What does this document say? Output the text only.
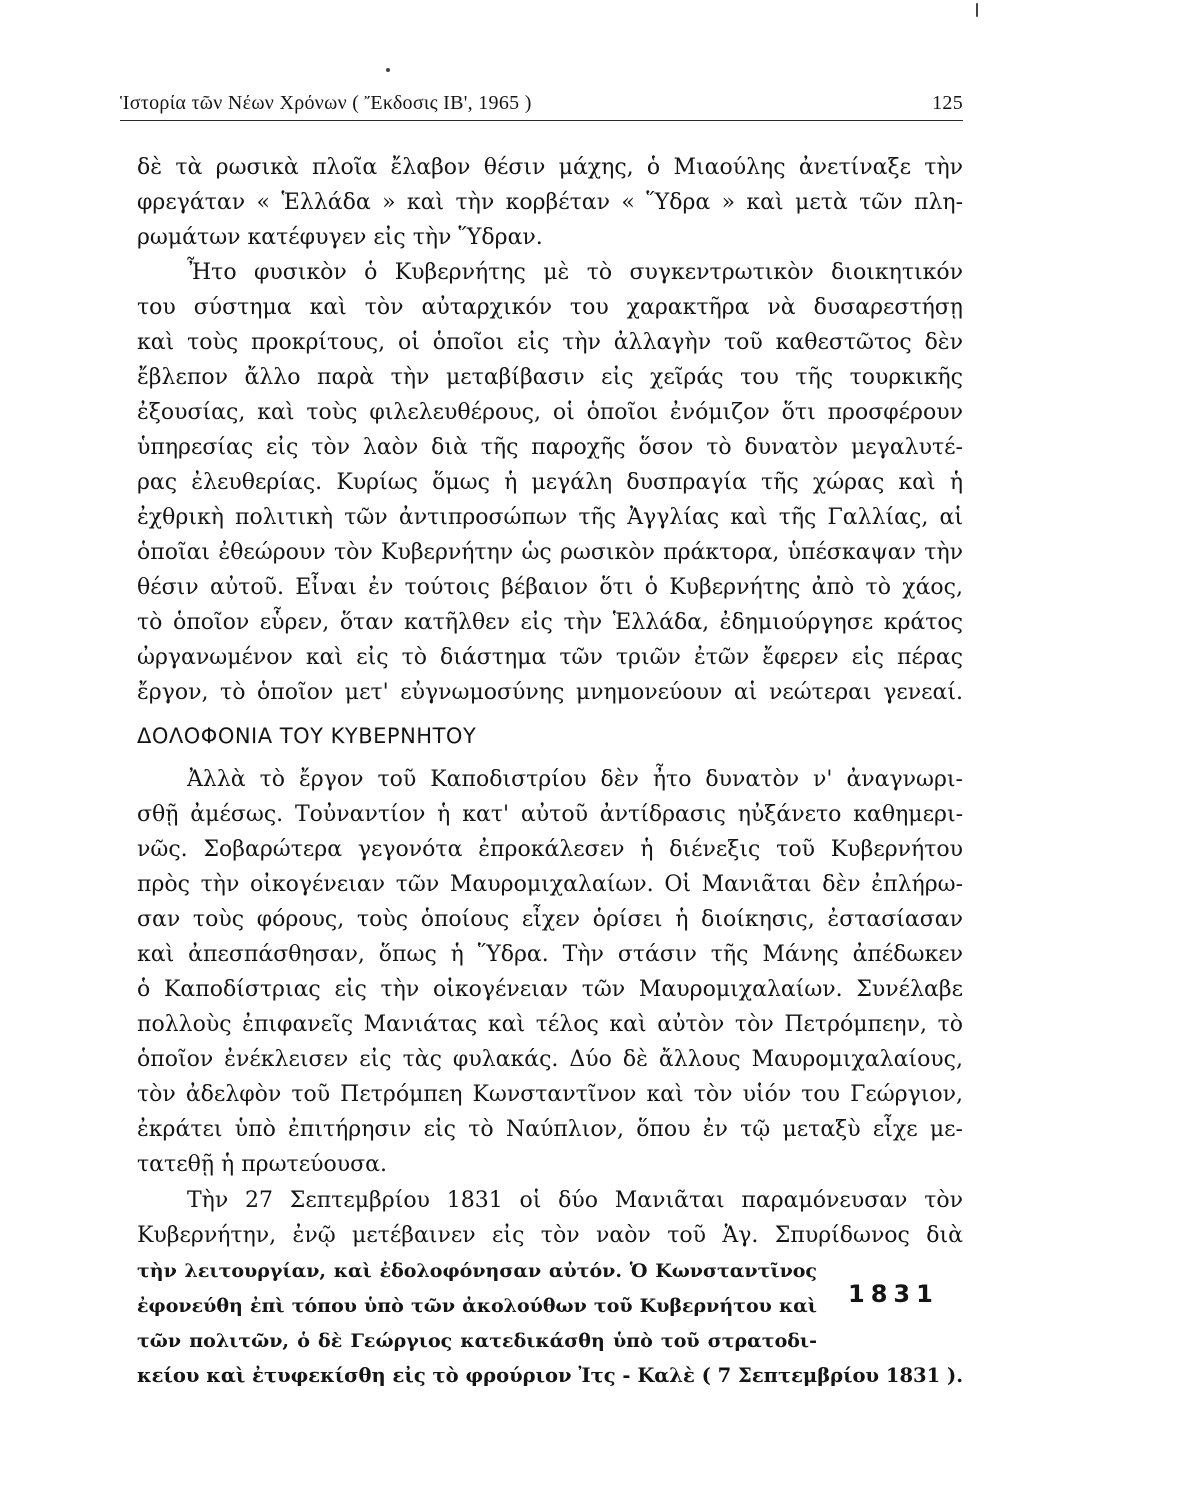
Ἱστορία τῶν Νέων Χρόνων ( Ἔκδοσις ΙΒ', 1965 )	125
δὲ τὰ ρωσικὰ πλοῖα ἔλαβον θέσιν μάχης, ὁ Μιαούλης ἀνετίναξε τὴν
φρεγάταν « Ἑλλάδα » καὶ τὴν κορβέταν « Ὕδρα » καὶ μετὰ τῶν πλη-
ρωμάτων κατέφυγεν εἰς τὴν Ὕδραν.
Ἦτο φυσικὸν ὁ Κυβερνήτης μὲ τὸ συγκεντρωτικὸν διοικητικόν
του σύστημα καὶ τὸν αὐταρχικόν του χαρακτῆρα νὰ δυσαρεστήσῃ
καὶ τοὺς προκρίτους, οἱ ὁποῖοι εἰς τὴν ἀλλαγὴν τοῦ καθεστῶτος δὲν
ἔβλεπον ἄλλο παρὰ τὴν μεταβίβασιν εἰς χεῖράς του τῆς τουρκικῆς
ἐξουσίας, καὶ τοὺς φιλελευθέρους, οἱ ὁποῖοι ἐνόμιζον ὅτι προσφέρουν
ὑπηρεσίας εἰς τὸν λαὸν διὰ τῆς παροχῆς ὅσον τὸ δυνατὸν μεγαλυτέ-
ρας ἐλευθερίας. Κυρίως ὅμως ἡ μεγάλη δυσπραγία τῆς χώρας καὶ ἡ
ἐχθρικὴ πολιτικὴ τῶν ἀντιπροσώπων τῆς Ἀγγλίας καὶ τῆς Γαλλίας, αἱ
ὁποῖαι ἐθεώρουν τὸν Κυβερνήτην ὡς ρωσικὸν πράκτορα, ὑπέσκαψαν τὴν
θέσιν αὐτοῦ. Εἶναι ἐν τούτοις βέβαιον ὅτι ὁ Κυβερνήτης ἀπὸ τὸ χάος,
τὸ ὁποῖον εὗρεν, ὅταν κατῆλθεν εἰς τὴν Ἑλλάδα, ἐδημιούργησε κράτος
ὠργανωμένον καὶ εἰς τὸ διάστημα τῶν τριῶν ἐτῶν ἔφερεν εἰς πέρας
ἔργον, τὸ ὁποῖον μετ' εὐγνωμοσύνης μνημονεύουν αἱ νεώτεραι γενεαί.
ΔΟΛΟΦΟΝΙΑ ΤΟΥ ΚΥΒΕΡΝΗΤΟΥ
Ἀλλὰ τὸ ἔργον τοῦ Καποδιστρίου δὲν ἦτο δυνατὸν ν' ἀναγνωρι-
σθῇ ἀμέσως. Τοὐναντίον ἡ κατ' αὐτοῦ ἀντίδρασις ηὐξάνετο καθημερι-
νῶς. Σοβαρώτερα γεγονότα ἐπροκάλεσεν ἡ διένεξις τοῦ Κυβερνήτου
πρὸς τὴν οἰκογένειαν τῶν Μαυρομιχαλαίων. Οἱ Μανιᾶται δὲν ἐπλήρω-
σαν τοὺς φόρους, τοὺς ὁποίους εἶχεν ὁρίσει ἡ διοίκησις, ἐστασίασαν
καὶ ἀπεσπάσθησαν, ὅπως ἡ Ὕδρα. Τὴν στάσιν τῆς Μάνης ἀπέδωκεν
ὁ Καποδίστριας εἰς τὴν οἰκογένειαν τῶν Μαυρομιχαλαίων. Συνέλαβε
πολλοὺς ἐπιφανεῖς Μανιάτας καὶ τέλος καὶ αὐτὸν τὸν Πετρόμπεην, τὸ
ὁποῖον ἐνέκλεισεν εἰς τὰς φυλακάς. Δύο δὲ ἄλλους Μαυρομιχαλαίους,
τὸν ἀδελφὸν τοῦ Πετρόμπεη Κωνσταντῖνον καὶ τὸν υἱόν του Γεώργιον,
ἐκράτει ὑπὸ ἐπιτήρησιν εἰς τὸ Ναύπλιον, ὅπου ἐν τῷ μεταξὺ εἶχε με-
τατεθῇ ἡ πρωτεύουσα.
Τὴν 27 Σεπτεμβρίου 1831 οἱ δύο Μανιᾶται παραμόνευσαν τὸν
Κυβερνήτην, ἐνῷ μετέβαινεν εἰς τὸν ναὸν τοῦ Ἁγ. Σπυρίδωνος διὰ
τὴν λειτουργίαν, καὶ ἐδολοφόνησαν αὐτόν. Ὁ Κωνσταντῖνος
ἐφονεύθη ἐπὶ τόπου ὑπὸ τῶν ἀκολούθων τοῦ Κυβερνήτου καὶ
τῶν πολιτῶν, ὁ δὲ Γεώργιος κατεδικάσθη ὑπὸ τοῦ στρατοδι-
κείου καὶ ἐτυφεκίσθη εἰς τὸ φρούριον Ἰτς - Καλὲ ( 7 Σεπτεμβρίου 1831 ).
1831
